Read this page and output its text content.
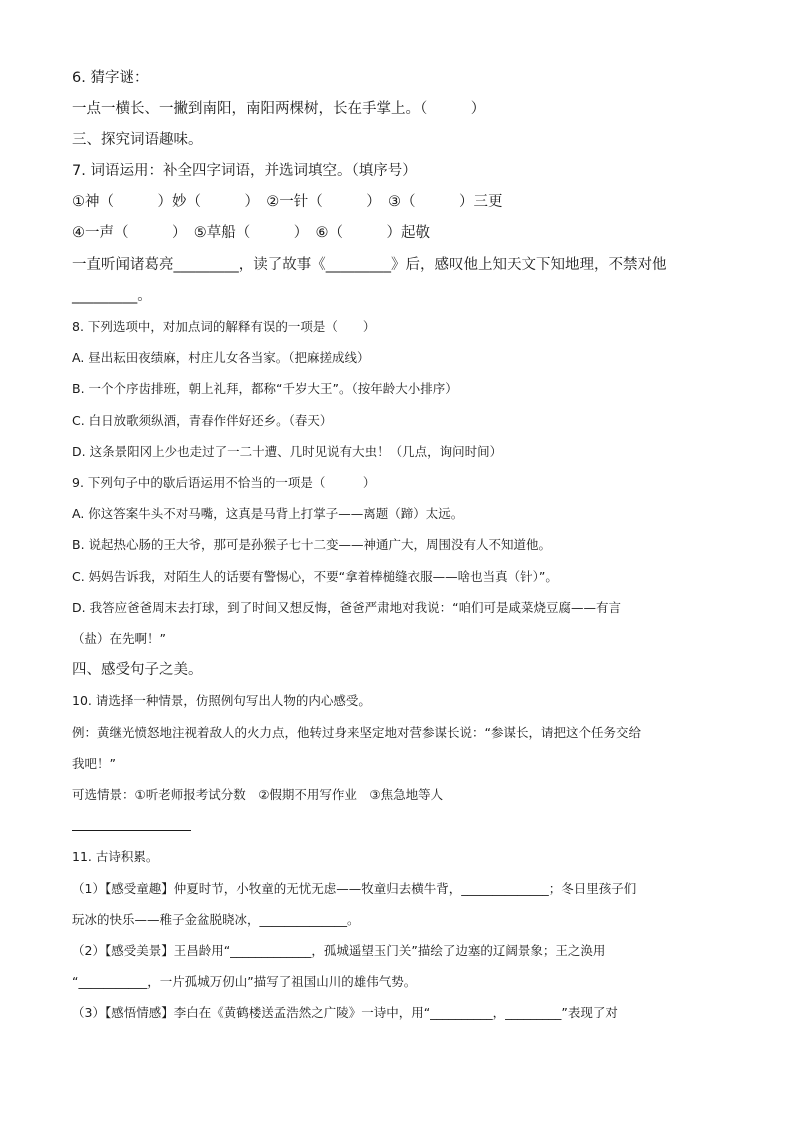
6. 猜字谜：
一点一横长、一撇到南阳，南阳两棵树，长在手掌上。（　　　）
三、探究词语趣味。
7. 词语运用：补全四字词语，并选词填空。（填序号）
①神（　　　）妙（　　　）　②一针（　　　）　③（　　　）三更
④一声（　　　）　⑤草船（　　　）　⑥（　　　）起敬
一直听闻诸葛亮_________，读了故事《_________》后，感叹他上知天文下知地理，不禁对他
_________。
8. 下列选项中，对加点词的解释有误的一项是（　　）
A. 昼出耘田夜绩麻，村庄儿女各当家。（把麻搓成线）
B. 一个个序齿排班，朝上礼拜，都称“千岁大王”。（按年龄大小排序）
C. 白日放歌须纵酒，青春作伴好还乡。（春天）
D. 这条景阳冈上少也走过了一二十遭、几时见说有大虫！（几点，询问时间）
9. 下列句子中的歇后语运用不恰当的一项是（　　　）
A. 你这答案牛头不对马嘴，这真是马背上打掌子——离题（蹄）太远。
B. 说起热心肠的王大爷，那可是孙猴子七十二变——神通广大，周围没有人不知道他。
C. 妈妈告诉我，对陌生人的话要有警惕心，不要“拿着棒槌缝衣服——啥也当真（针）”。
D. 我答应爸爸周末去打球，到了时间又想反悔，爸爸严肃地对我说：“咱们可是咸菜烧豆腐——有言
（盐）在先啊！”
四、感受句子之美。
10. 请选择一种情景，仿照例句写出人物的内心感受。
例：黄继光愤怒地注视着敌人的火力点，他转过身来坚定地对营参谋长说：“参谋长，请把这个任务交给
我吧！”
可选情景：①听老师报考试分数　②假期不用写作业　③焦急地等人
11. 古诗积累。
（1）【感受童趣】仲夏时节，小牧童的无忧无虑——牧童归去横牛背，______________；冬日里孩子们
玩冰的快乐——稚子金盆脱晓冰，______________。
（2）【感受美景】王昌龄用“_____________，孤城遥望玉门关”描绘了边塞的辽阔景象；王之涣用
“___________，一片孤城万仞山”描写了祖国山川的雄伟气势。
（3）【感悟情感】李白在《黄鹤楼送孟浩然之广陵》一诗中，用“__________，_________”表现了对
